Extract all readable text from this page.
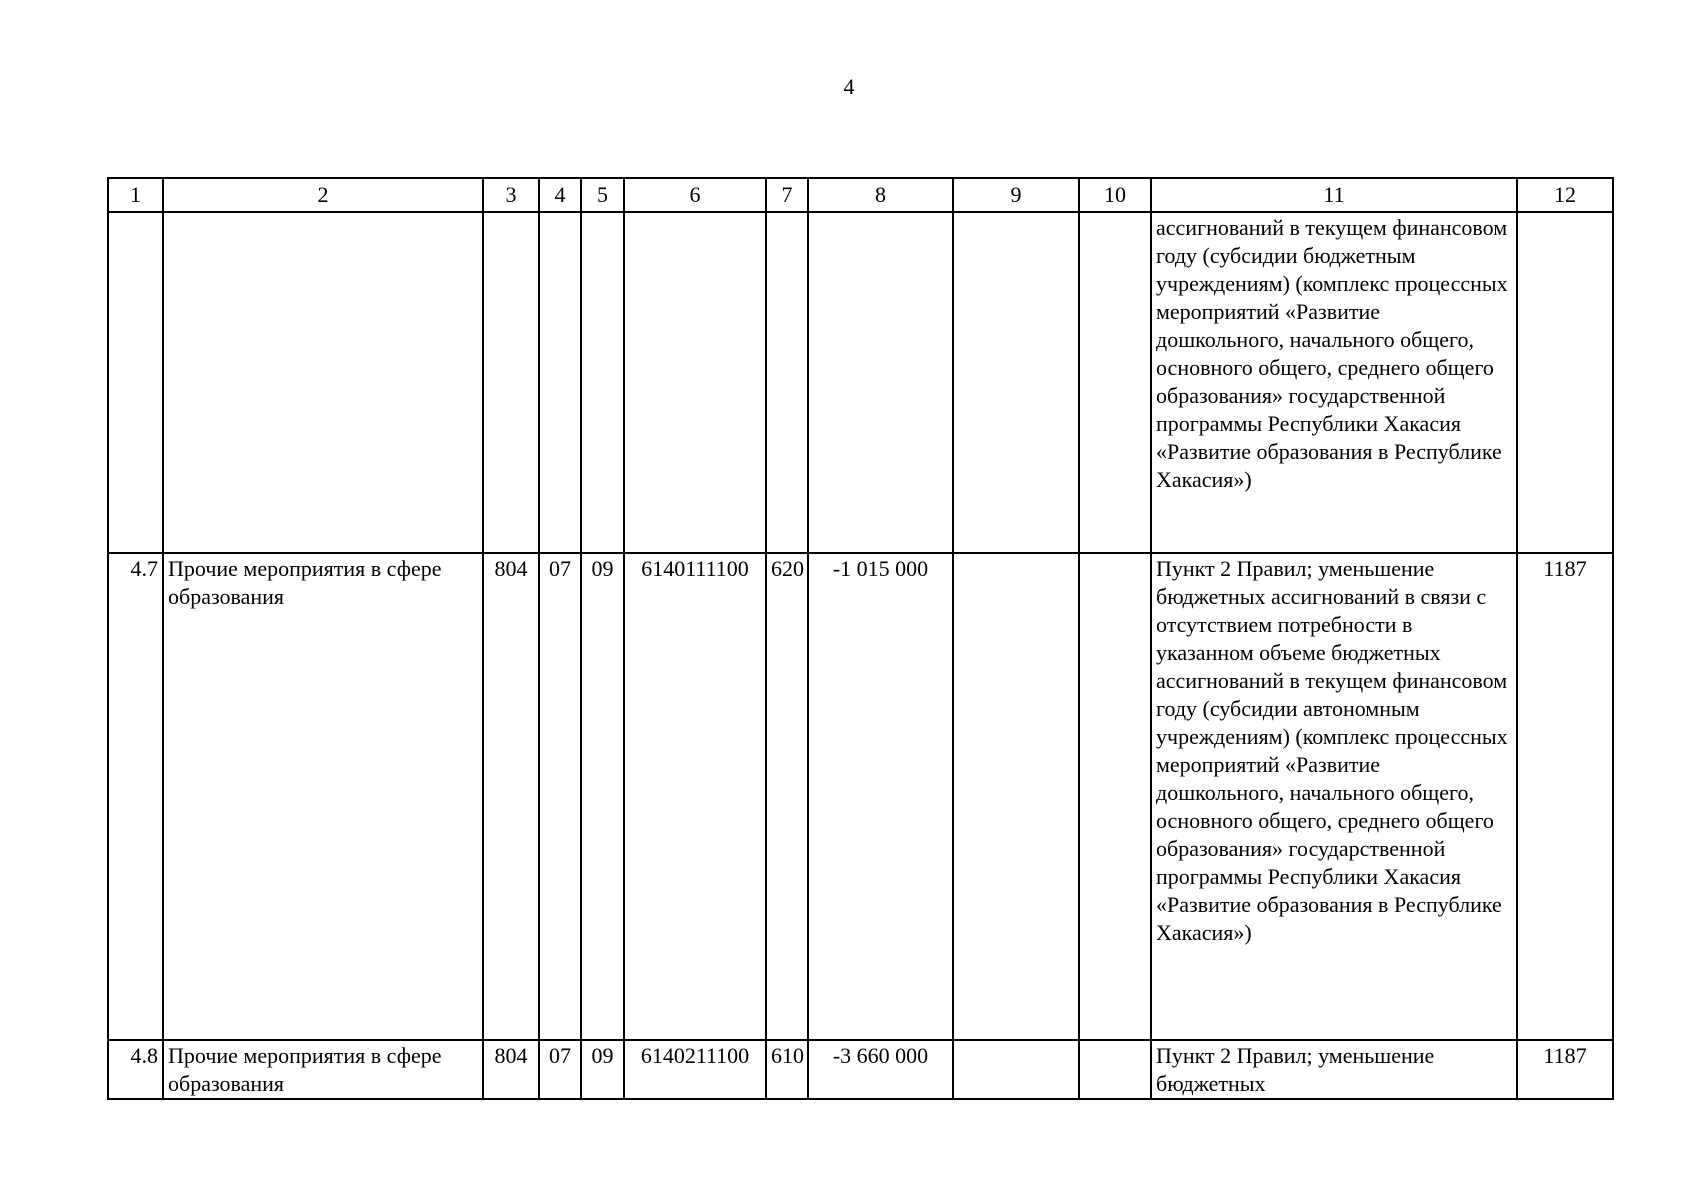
4
1	2	3	4	5	6	7	8	9	10	11	12
										ассигнований в текущем финансовом году (субсидии бюджетным учреждениям) (комплекс процессных мероприятий «Развитие дошкольного, начального общего, основного общего, среднего общего образования» государственной программы Республики Хакасия «Развитие образования в Республике Хакасия»)	
4.7	Прочие мероприятия в сфере образования	804	07	09	6140111100	620	-1 015 000			Пункт 2 Правил; уменьшение бюджетных ассигнований в связи с отсутствием потребности в указанном объеме бюджетных ассигнований в текущем финансовом году (субсидии автономным учреждениям) (комплекс процессных мероприятий «Развитие дошкольного, начального общего, основного общего, среднего общего образования» государственной программы Республики Хакасия «Развитие образования в Республике Хакасия»)	1187
4.8	Прочие мероприятия в сфере образования	804	07	09	6140211100	610	-3 660 000			Пункт 2 Правил; уменьшение бюджетных	1187
